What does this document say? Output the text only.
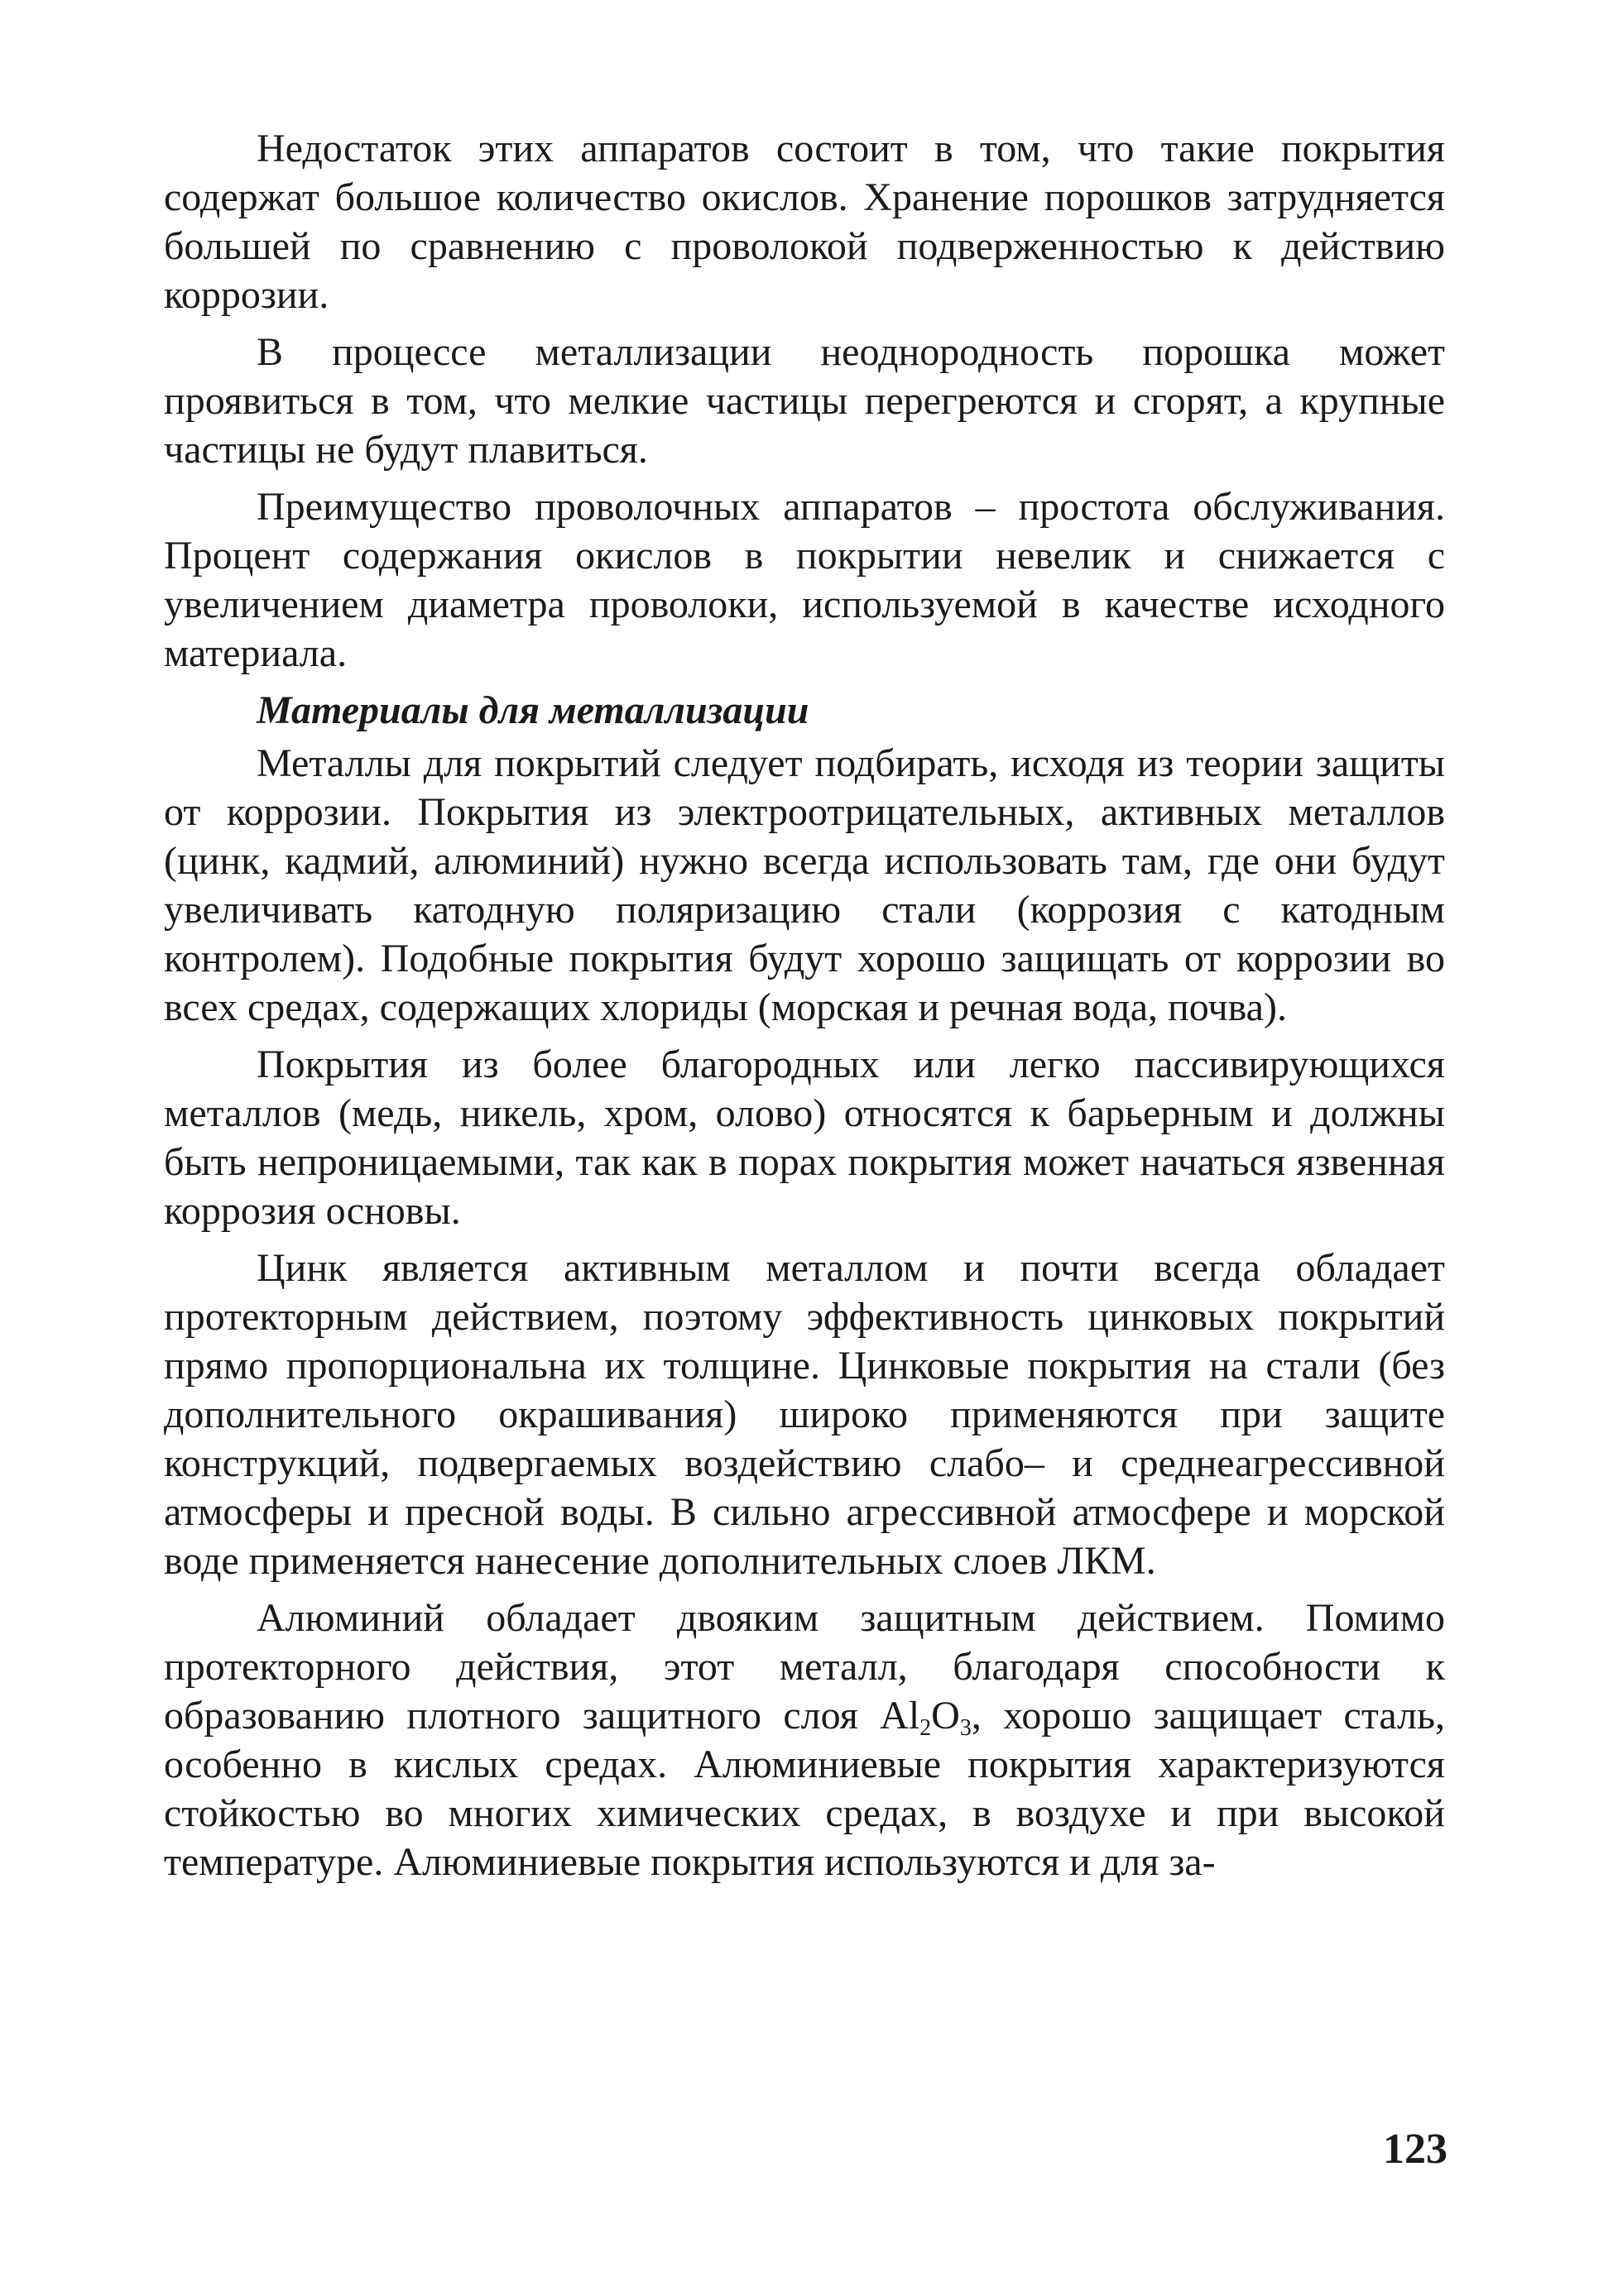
Недостаток этих аппаратов состоит в том, что такие покрытия содержат большое количество окислов. Хранение порошков затрудняется большей по сравнению с проволокой подверженностью к действию коррозии.

В процессе металлизации неоднородность порошка может проявиться в том, что мелкие частицы перегреются и сгорят, а крупные частицы не будут плавиться.

Преимущество проволочных аппаратов – простота обслуживания. Процент содержания окислов в покрытии невелик и снижается с увеличением диаметра проволоки, используемой в качестве исходного материала.

Материалы для металлизации

Металлы для покрытий следует подбирать, исходя из теории защиты от коррозии. Покрытия из электроотрицательных, активных металлов (цинк, кадмий, алюминий) нужно всегда использовать там, где они будут увеличивать катодную поляризацию стали (коррозия с катодным контролем). Подобные покрытия будут хорошо защищать от коррозии во всех средах, содержащих хлориды (морская и речная вода, почва).

Покрытия из более благородных или легко пассивирующихся металлов (медь, никель, хром, олово) относятся к барьерным и должны быть непроницаемыми, так как в порах покрытия может начаться язвенная коррозия основы.

Цинк является активным металлом и почти всегда обладает протекторным действием, поэтому эффективность цинковых покрытий прямо пропорциональна их толщине. Цинковые покрытия на стали (без дополнительного окрашивания) широко применяются при защите конструкций, подвергаемых воздействию слабо– и среднеагрессивной атмосферы и пресной воды. В сильно агрессивной атмосфере и морской воде применяется нанесение дополнительных слоев ЛКМ.

Алюминий обладает двояким защитным действием. Помимо протекторного действия, этот металл, благодаря способности к образованию плотного защитного слоя $Al_2O_3$, хорошо защищает сталь, особенно в кислых средах. Алюминиевые покрытия характеризуются стойкостью во многих химических средах, в воздухе и при высокой температуре. Алюминиевые покрытия используются и для за-

123
